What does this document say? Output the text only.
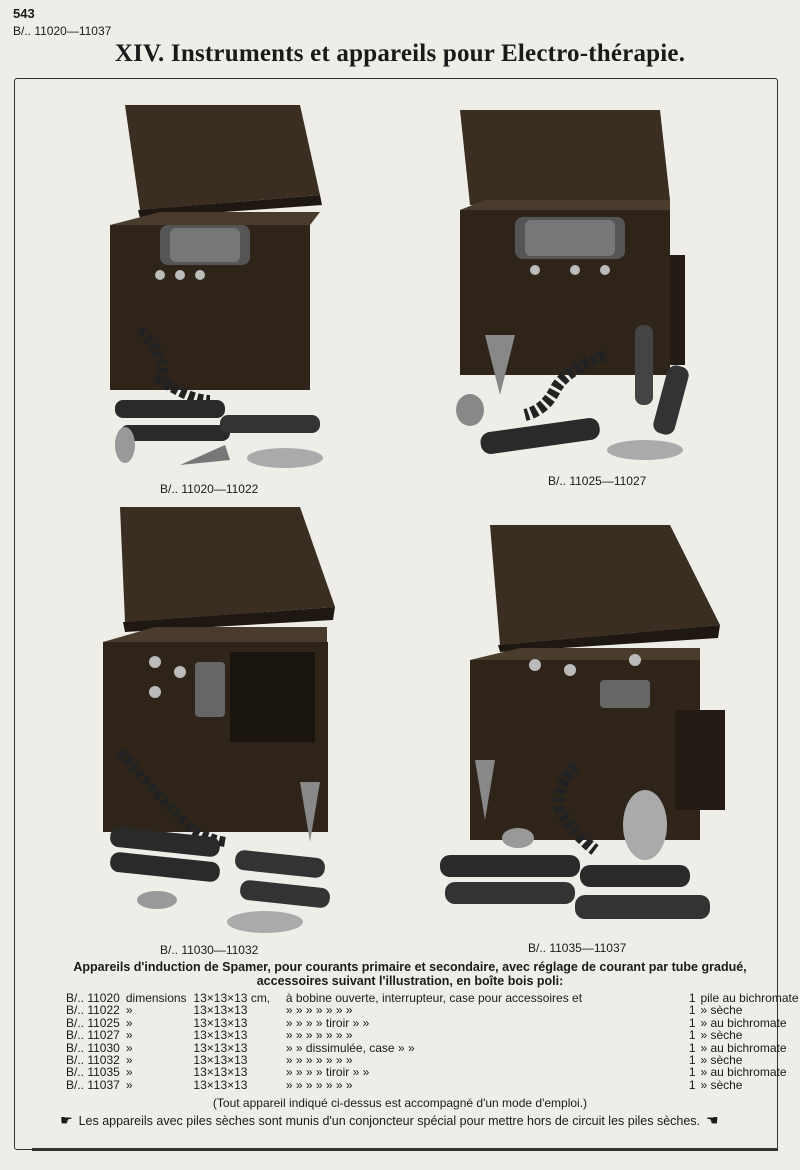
543
B/.. 11020—11037
XIV. Instruments et appareils pour Electro-thérapie.
B/.. 11020—11022
B/.. 11025—11027
B/.. 11030—11032	B/.. 11035—11037
Appareils d'induction de Spamer, pour courants primaire et secondaire, avec réglage de courant par tube gradué,
accessoires suivant l'illustration, en boîte bois poli:
B/.. 11020	dimensions	13×13×13 cm,	à bobine ouverte, interrupteur, case pour accessoires et	1	pile au bichromate
B/.. 11022	»	13×13×13	» » » » » » »	1	» sèche
B/.. 11025	»	13×13×13	» » » » tiroir » »	1	» au bichromate
B/.. 11027	»	13×13×13	» » » » » » »	1	» sèche
B/.. 11030	»	13×13×13	» » dissimulée, case » »	1	» au bichromate
B/.. 11032	»	13×13×13	» » » » » » »	1	» sèche
B/.. 11035	»	13×13×13	» » » » tiroir » »	1	» au bichromate
B/.. 11037	»	13×13×13	» » » » » » »	1	» sèche
(Tout appareil indiqué ci-dessus est accompagné d'un mode d'emploi.)
☛ Les appareils avec piles sèches sont munis d'un conjoncteur spécial pour mettre hors de circuit les piles sèches. ☚
